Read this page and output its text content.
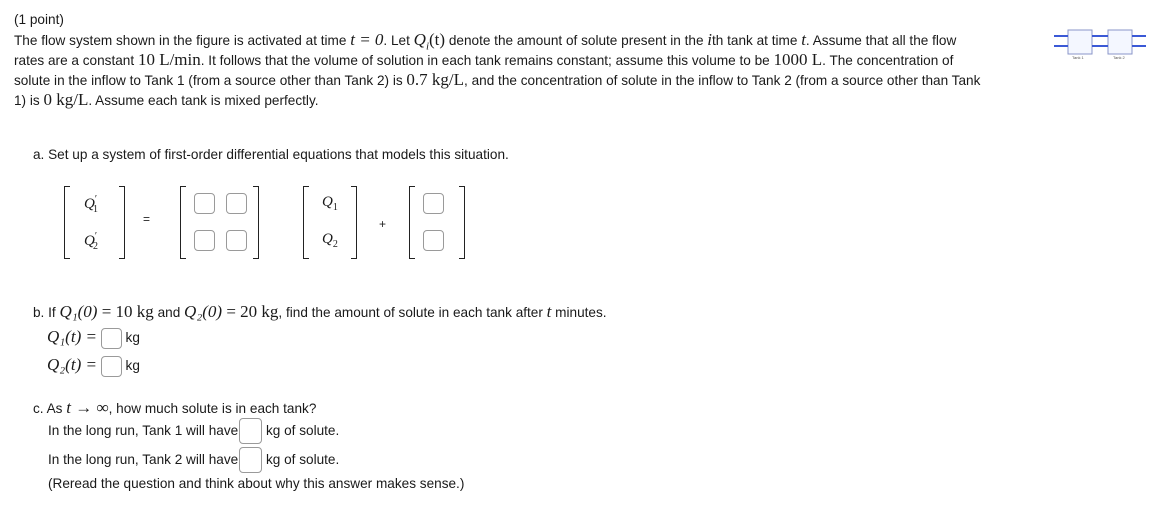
(1 point)
The flow system shown in the figure is activated at time t = 0. Let $Q_i(t)$ denote the amount of solute present in the ith tank at time t. Assume that all the flow
rates are a constant 10 L/min. It follows that the volume of solution in each tank remains constant; assume this volume to be 1000 L. The concentration of
solute in the inflow to Tank 1 (from a source other than Tank 2) is 0.7 kg/L, and the concentration of solute in the inflow to Tank 2 (from a source other than Tank
1) is 0 kg/L. Assume each tank is mixed perfectly.
Tank 1	Tank 2
a. Set up a system of first-order differential equations that models this situation.
$Q'_1$
$Q'_2$
=
$Q_1$
$Q_2$
+
b. If Q₁(0) = 10 kg and Q₂(0) = 20 kg, find the amount of solute in each tank after t minutes.
Q₁(t) = kg
Q₂(t) = kg
c. As t → ∞, how much solute is in each tank?
In the long run, Tank 1 will have kg of solute.
In the long run, Tank 2 will have kg of solute.
(Reread the question and think about why this answer makes sense.)
